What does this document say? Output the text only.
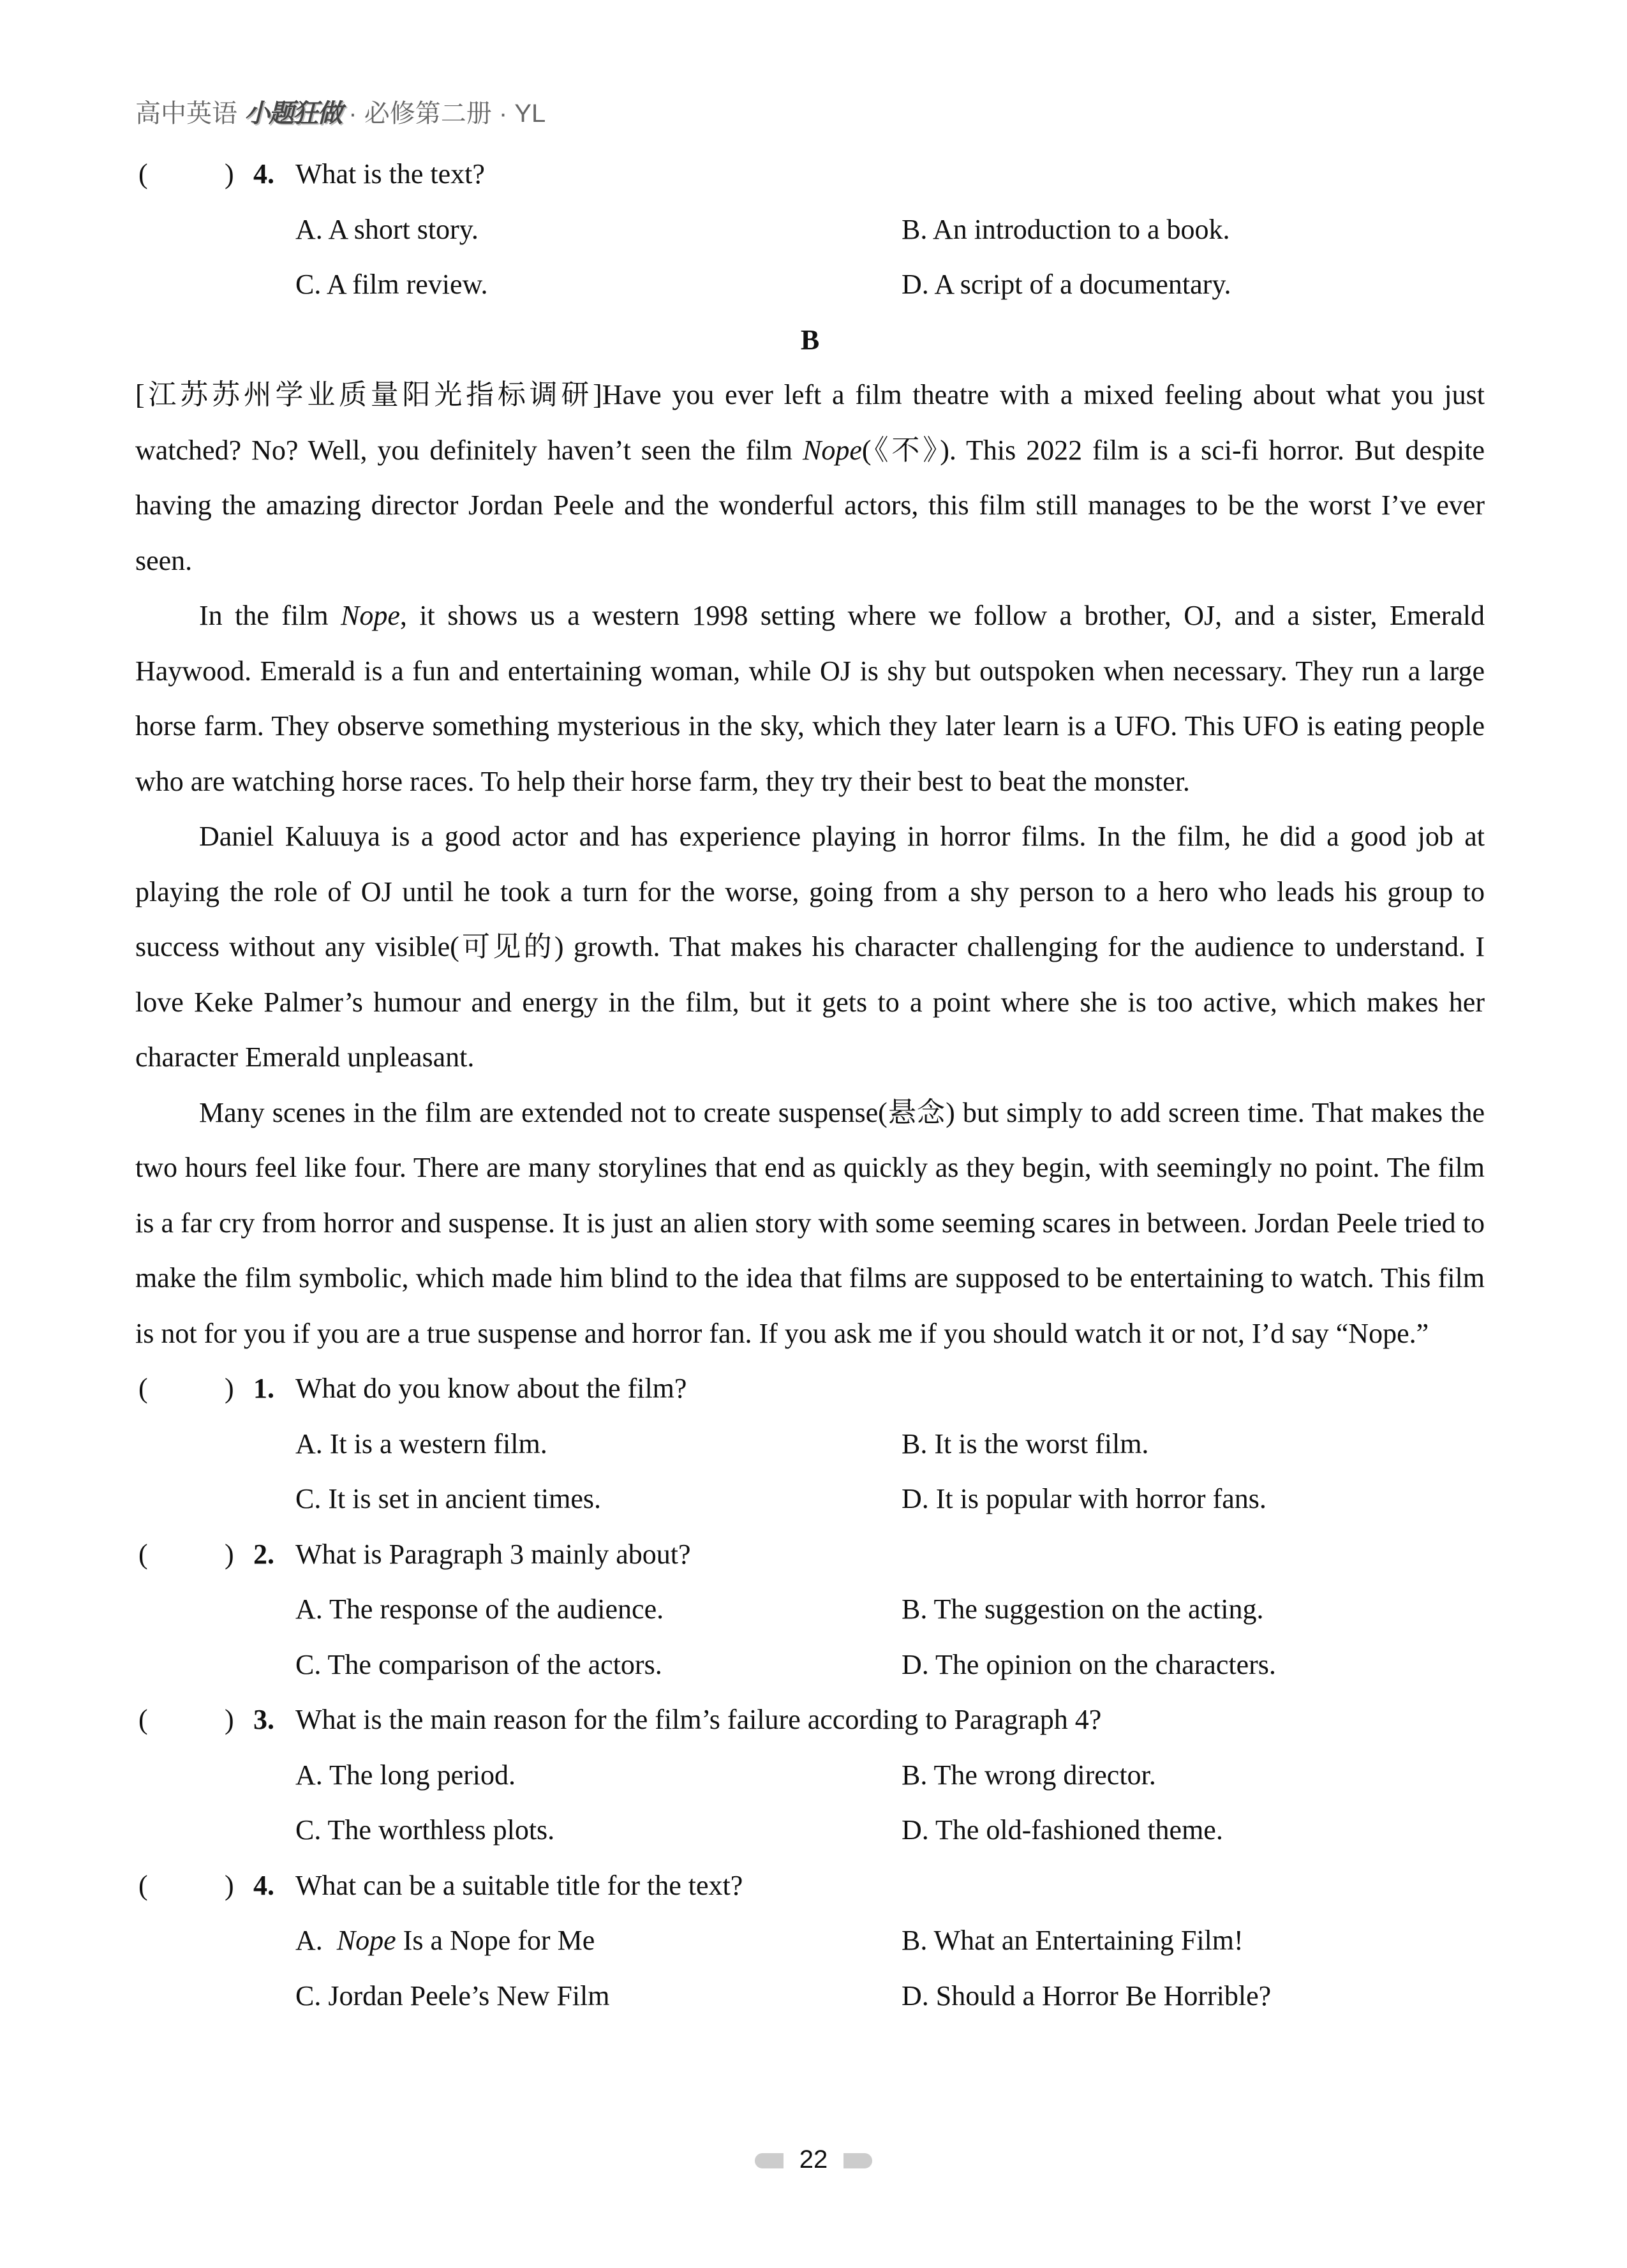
高中英语 小题狂做 · 必修第二册 · YL
(	) 4. What is the text?
A. A short story.	B. An introduction to a book.
C. A film review.	D. A script of a documentary.
B

[江苏苏州学业质量阳光指标调研]Have you ever left a film theatre with a mixed feeling about what you just watched? No? Well, you definitely haven’t seen the film Nope(《不》). This 2022 film is a sci-fi horror. But despite having the amazing director Jordan Peele and the wonderful actors, this film still manages to be the worst I’ve ever seen.

In the film Nope, it shows us a western 1998 setting where we follow a brother, OJ, and a sister, Emerald Haywood. Emerald is a fun and entertaining woman, while OJ is shy but outspoken when necessary. They run a large horse farm. They observe something mysterious in the sky, which they later learn is a UFO. This UFO is eating people who are watching horse races. To help their horse farm, they try their best to beat the monster.

Daniel Kaluuya is a good actor and has experience playing in horror films. In the film, he did a good job at playing the role of OJ until he took a turn for the worse, going from a shy person to a hero who leads his group to success without any visible(可见的) growth. That makes his character challenging for the audience to understand. I love Keke Palmer’s humour and energy in the film, but it gets to a point where she is too active, which makes her character Emerald unpleasant.

Many scenes in the film are extended not to create suspense(悬念) but simply to add screen time. That makes the two hours feel like four. There are many storylines that end as quickly as they begin, with seemingly no point. The film is a far cry from horror and suspense. It is just an alien story with some seeming scares in between. Jordan Peele tried to make the film symbolic, which made him blind to the idea that films are supposed to be entertaining to watch. This film is not for you if you are a true suspense and horror fan. If you ask me if you should watch it or not, I’d say “Nope.”

(	) 1. What do you know about the film?
A. It is a western film.	B. It is the worst film.
C. It is set in ancient times.	D. It is popular with horror fans.
(	) 2. What is Paragraph 3 mainly about?
A. The response of the audience.	B. The suggestion on the acting.
C. The comparison of the actors.	D. The opinion on the characters.
(	) 3. What is the main reason for the film’s failure according to Paragraph 4?
A. The long period.	B. The wrong director.
C. The worthless plots.	D. The old-fashioned theme.
(	) 4. What can be a suitable title for the text?
A.  Nope Is a Nope for Me	B. What an Entertaining Film!
C. Jordan Peele’s New Film	D. Should a Horror Be Horrible?
22
